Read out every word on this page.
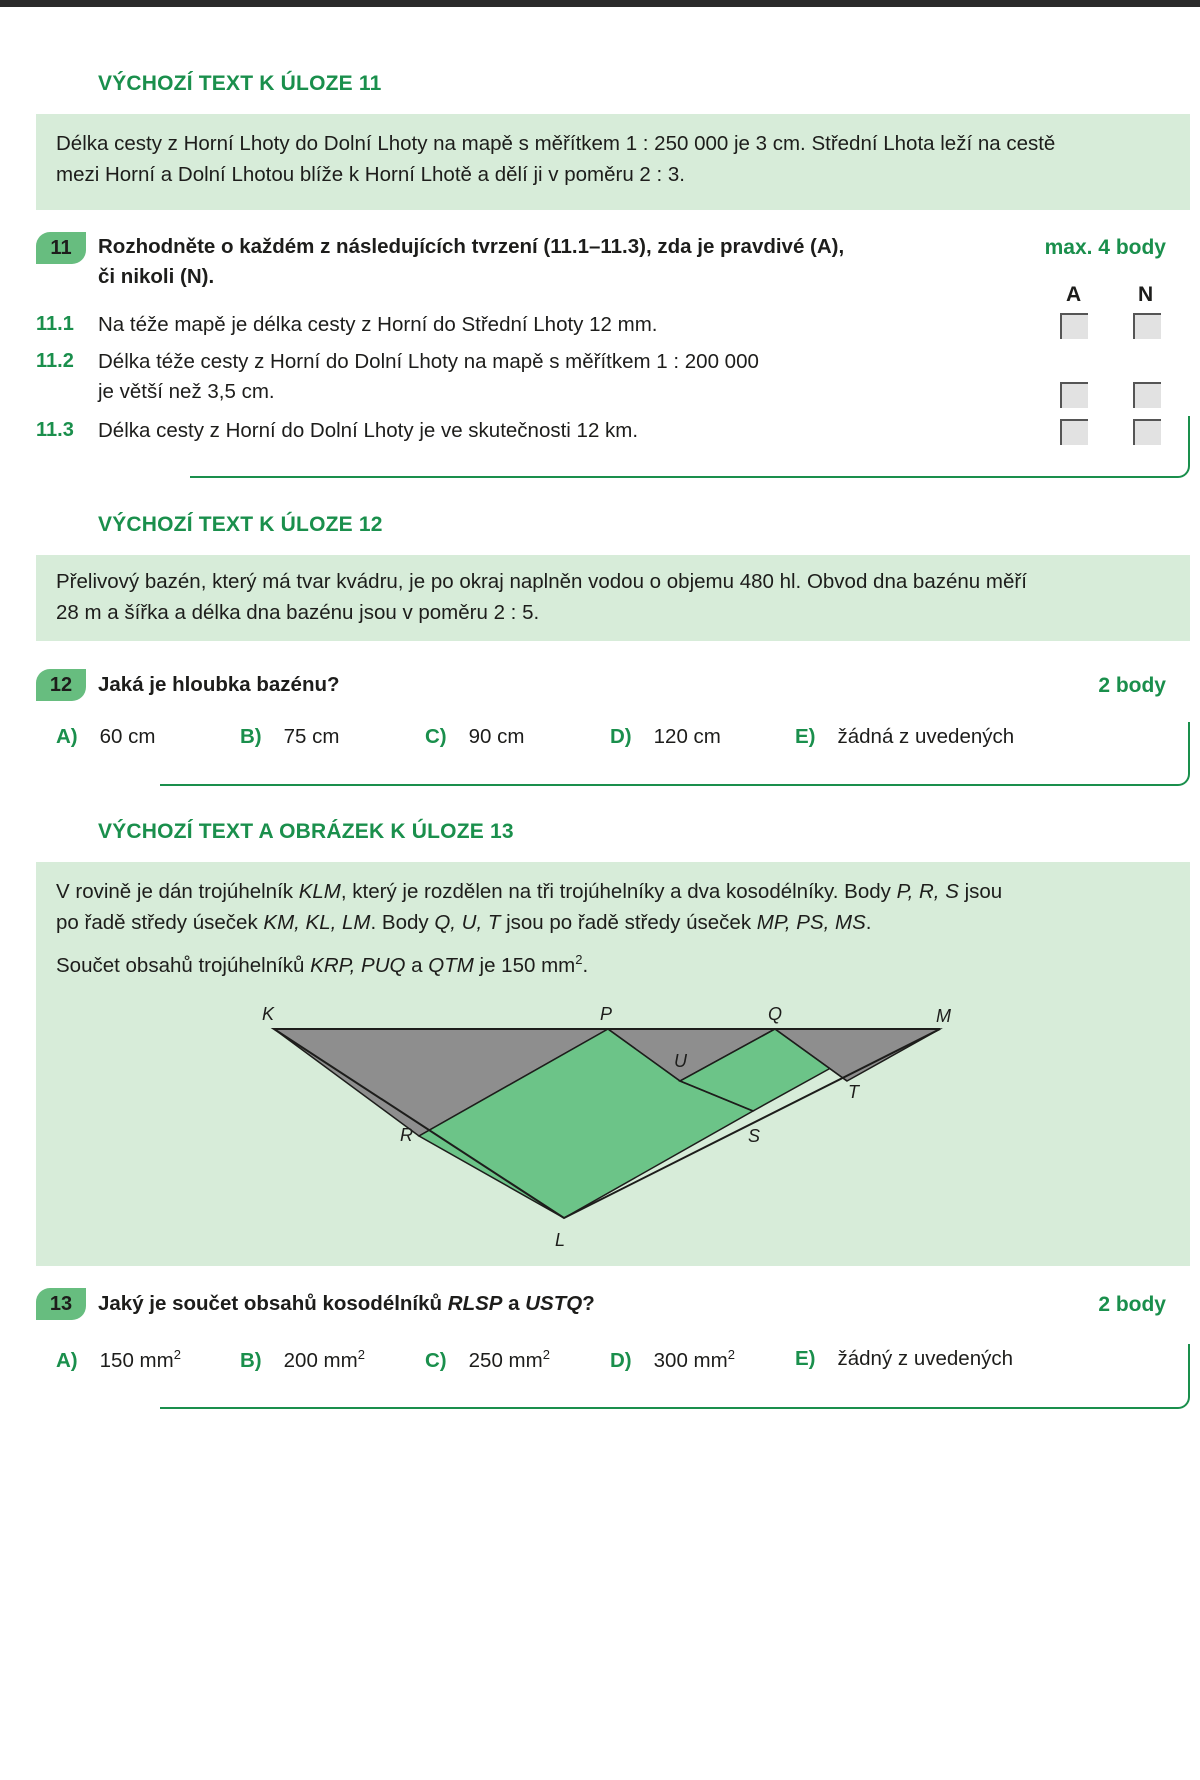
VÝCHOZÍ TEXT K ÚLOZE 11

Délka cesty z Horní Lhoty do Dolní Lhoty na mapě s měřítkem 1 : 250 000 je 3 cm. Střední Lhota leží na cestě

mezi Horní a Dolní Lhotou blíže k Horní Lhotě a dělí ji v poměru 2 : 3.

11	Rozhodněte o každém z následujících tvrzení (11.1–11.3), zda je pravdivé (A),
či nikoli (N).
max. 4 body
A	N
11.1 Na téže mapě je délka cesty z Horní do Střední Lhoty 12 mm.
11.2 Délka téže cesty z Horní do Dolní Lhoty na mapě s měřítkem 1 : 200 000
je větší než 3,5 cm.
11.3 Délka cesty z Horní do Dolní Lhoty je ve skutečnosti 12 km.
VÝCHOZÍ TEXT K ÚLOZE 12

Přelivový bazén, který má tvar kvádru, je po okraj naplněn vodou o objemu 480 hl. Obvod dna bazénu měří

28 m a šířka a délka dna bazénu jsou v poměru 2 : 5.

12	Jaká je hloubka bazénu?	2 body
A) 60 cm	B) 75 cm	C) 90 cm	D) 120 cm	E) žádná z uvedených
VÝCHOZÍ TEXT A OBRÁZEK K ÚLOZE 13

V rovině je dán trojúhelník KLM, který je rozdělen na tři trojúhelníky a dva kosodélníky. Body P, R, S jsou

po řadě středy úseček KM, KL, LM. Body Q, U, T jsou po řadě středy úseček MP, PS, MS.

Součet obsahů trojúhelníků KRP, PUQ a QTM je 150 $mm^2$.

K	P	Q	M
U
T
R	S
L
13	Jaký je součet obsahů kosodélníků RLSP a USTQ?	2 body
A) 150 $mm^2$	B) 200 $mm^2$	C) 250 $mm^2$	D) 300 $mm^2$	E) žádný z uvedených
